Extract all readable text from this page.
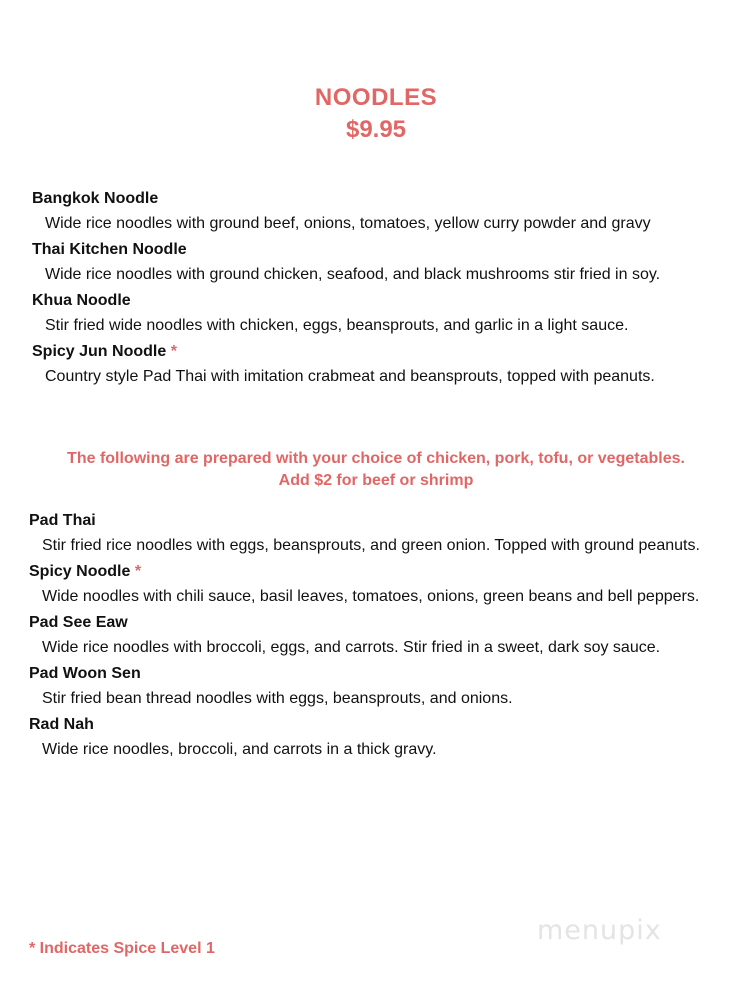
NOODLES
$9.95
Bangkok Noodle
Wide rice noodles with ground beef, onions, tomatoes, yellow curry powder and gravy
Thai Kitchen Noodle
Wide rice noodles with ground chicken, seafood, and black mushrooms stir fried in soy.
Khua Noodle
Stir fried wide noodles with chicken, eggs, beansprouts, and garlic in a light sauce.
Spicy Jun Noodle *
Country style Pad Thai with imitation crabmeat and beansprouts, topped with peanuts.
The following are prepared with your choice of chicken, pork, tofu, or vegetables.
Add $2 for beef or shrimp
Pad Thai
Stir fried rice noodles with eggs, beansprouts, and green onion. Topped with ground peanuts.
Spicy Noodle *
Wide noodles with chili sauce, basil leaves, tomatoes, onions, green beans and bell peppers.
Pad See Eaw
Wide rice noodles with broccoli, eggs, and carrots. Stir fried in a sweet, dark soy sauce.
Pad Woon Sen
Stir fried bean thread noodles with eggs, beansprouts, and onions.
Rad Nah
Wide rice noodles, broccoli, and carrots in a thick gravy.
* Indicates Spice Level 1
menupix
